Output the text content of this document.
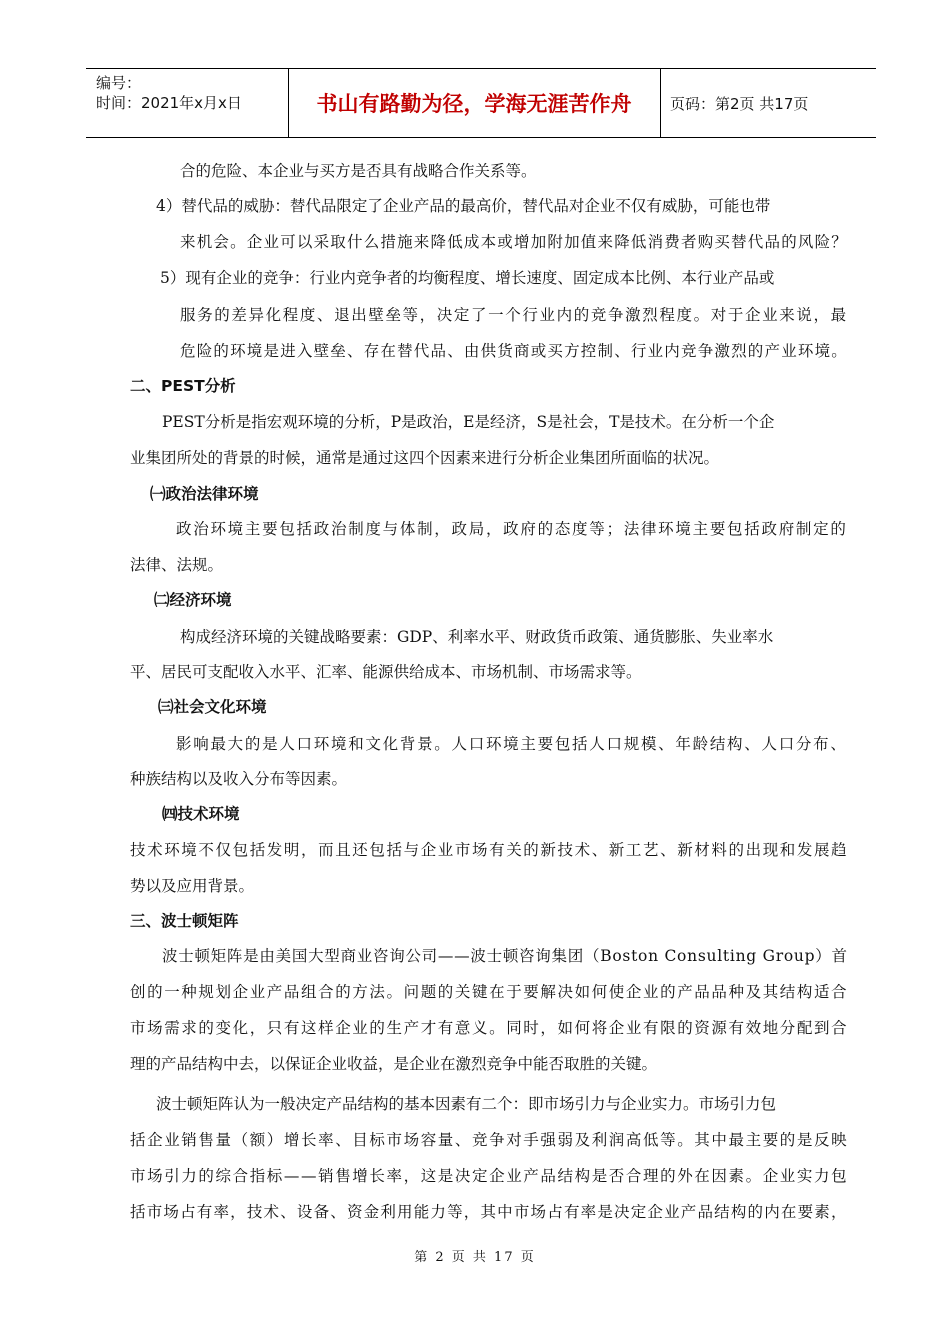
编号：
时间：2021年x月x日	书山有路勤为径，学海无涯苦作舟	页码：第2页 共17页
合的危险、本企业与买方是否具有战略合作关系等。
4）替代品的威胁：替代品限定了企业产品的最高价，替代品对企业不仅有威胁，可能也带
来机会。企业可以采取什么措施来降低成本或增加附加值来降低消费者购买替代品的风险？
5）现有企业的竞争：行业内竞争者的均衡程度、增长速度、固定成本比例、本行业产品或
服务的差异化程度、退出壁垒等，决定了一个行业内的竞争激烈程度。对于企业来说，最
危险的环境是进入壁垒、存在替代品、由供货商或买方控制、行业内竞争激烈的产业环境。
二、PEST分析
PEST分析是指宏观环境的分析，P是政治，E是经济，S是社会，T是技术。在分析一个企
业集团所处的背景的时候，通常是通过这四个因素来进行分析企业集团所面临的状况。
㈠政治法律环境
政治环境主要包括政治制度与体制，政局，政府的态度等；法律环境主要包括政府制定的
法律、法规。
㈡经济环境
构成经济环境的关键战略要素：GDP、利率水平、财政货币政策、通货膨胀、失业率水
平、居民可支配收入水平、汇率、能源供给成本、市场机制、市场需求等。
㈢社会文化环境
影响最大的是人口环境和文化背景。人口环境主要包括人口规模、年龄结构、人口分布、
种族结构以及收入分布等因素。
㈣技术环境
技术环境不仅包括发明，而且还包括与企业市场有关的新技术、新工艺、新材料的出现和发展趋
势以及应用背景。
三、波士顿矩阵
波士顿矩阵是由美国大型商业咨询公司——波士顿咨询集团（Boston Consulting Group）首
创的一种规划企业产品组合的方法。问题的关键在于要解决如何使企业的产品品种及其结构适合
市场需求的变化，只有这样企业的生产才有意义。同时，如何将企业有限的资源有效地分配到合
理的产品结构中去，以保证企业收益，是企业在激烈竞争中能否取胜的关键。
波士顿矩阵认为一般决定产品结构的基本因素有二个：即市场引力与企业实力。市场引力包
括企业销售量（额）增长率、目标市场容量、竞争对手强弱及利润高低等。其中最主要的是反映
市场引力的综合指标——销售增长率，这是决定企业产品结构是否合理的外在因素。企业实力包
括市场占有率，技术、设备、资金利用能力等，其中市场占有率是决定企业产品结构的内在要素，
第 2 页 共 17 页
